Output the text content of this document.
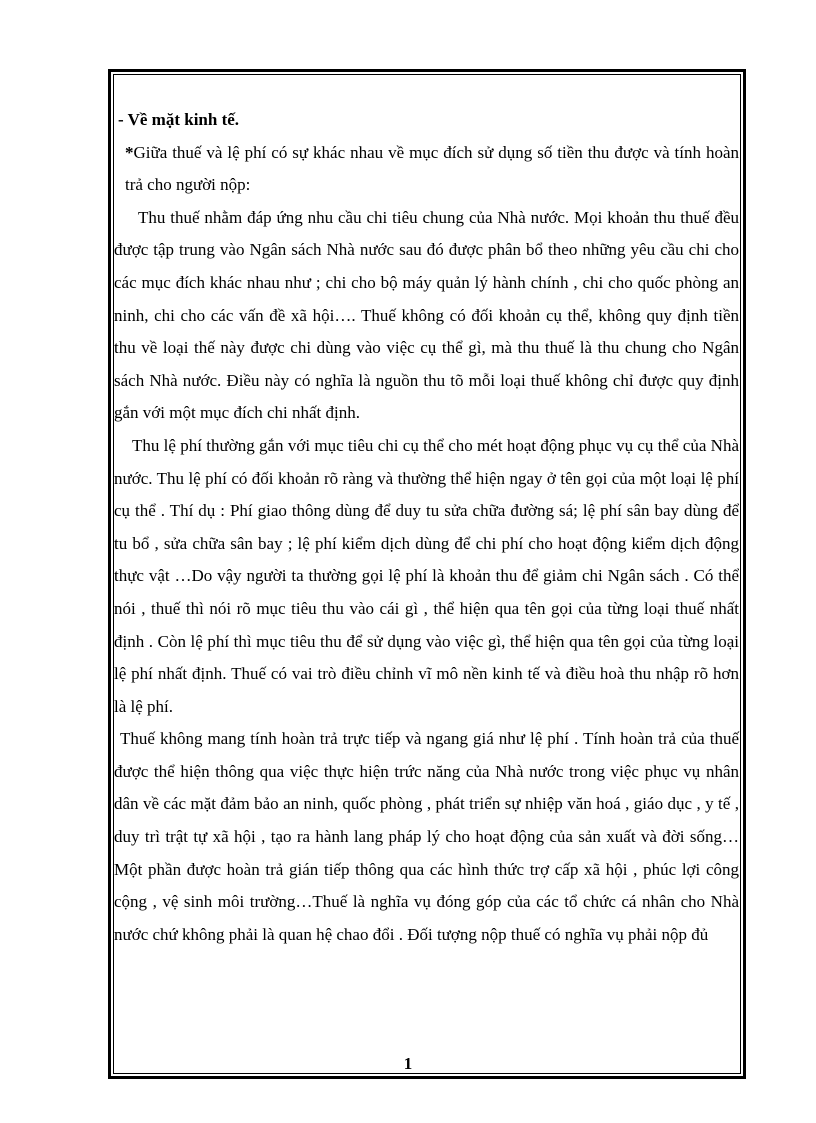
- Về mặt kinh tế.

*Giữa thuế và lệ phí có sự khác nhau về mục đích sử dụng số tiền thu được và tính hoàn trả cho người nộp:

Thu thuế nhằm đáp ứng nhu cầu chi tiêu chung của Nhà nước. Mọi khoản thu thuế đều được tập trung vào Ngân sách Nhà nước sau đó được phân bổ theo những yêu cầu chi cho các mục đích khác nhau như ; chi cho bộ máy quản lý hành chính , chi cho quốc phòng an ninh, chi cho các vấn đề xã hội…. Thuế không có đối khoản cụ thể, không quy định tiền thu về loại thế này được chi dùng vào việc cụ thể gì, mà thu thuế là thu chung cho Ngân sách Nhà nước. Điều này có nghĩa là nguồn thu tõ mỗi loại thuế không chỉ được quy định gắn với một mục đích chi nhất định.

Thu lệ phí thường gắn với mục tiêu chi cụ thể cho mét hoạt động phục vụ cụ thể của Nhà nước. Thu lệ phí có đối khoản rõ ràng và thường thể hiện ngay ở tên gọi của một loại lệ phí cụ thể . Thí dụ : Phí giao thông dùng để duy tu sửa chữa đường sá; lệ phí sân bay dùng để tu bổ , sửa chữa sân bay ; lệ phí kiểm dịch dùng để chi phí cho hoạt động kiểm dịch động thực vật …Do vậy người ta thường gọi lệ phí là khoản thu để giảm chi Ngân sách . Có thể nói , thuế thì nói rõ mục tiêu thu vào cái gì , thể hiện qua tên gọi của từng loại thuế nhất định . Còn lệ phí thì mục tiêu thu để sử dụng vào việc gì, thể hiện qua tên gọi của từng loại lệ phí nhất định. Thuế có vai trò điều chỉnh vĩ mô nền kinh tế và điều hoà thu nhập rõ hơn là lệ phí.

Thuế không mang tính hoàn trả trực tiếp và ngang giá như lệ phí . Tính hoàn trả của thuế được thể hiện thông qua việc thực hiện trức năng của Nhà nước trong việc phục vụ nhân dân về các mặt đảm bảo an ninh, quốc phòng , phát triển sự nhiệp văn hoá , giáo dục , y tế , duy trì trật tự xã hội , tạo ra hành lang pháp lý cho hoạt động của sản xuất và đời sống…Một phần được hoàn trả gián tiếp thông qua các hình thức trợ cấp xã hội , phúc lợi công cộng , vệ sinh môi trường…Thuế là nghĩa vụ đóng góp của các tổ chức cá nhân cho Nhà nước chứ không phải là quan hệ chao đổi . Đối tượng nộp thuế có nghĩa vụ phải nộp đủ

1
